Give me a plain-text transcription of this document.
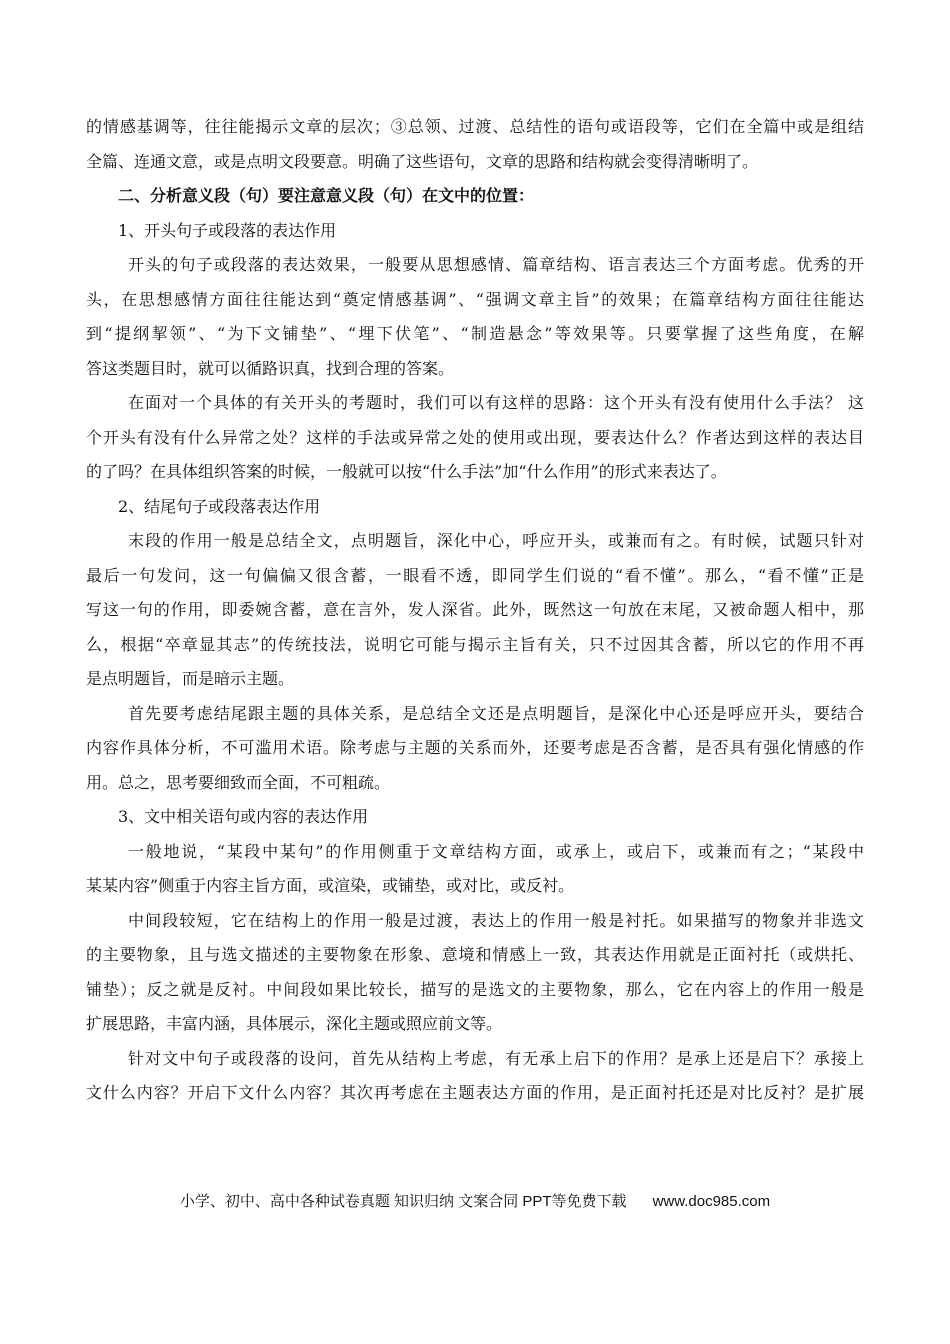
的情感基调等，往往能揭示文章的层次；③总领、过渡、总结性的语句或语段等，它们在全篇中或是组结
全篇、连通文意，或是点明文段要意。明确了这些语句，文章的思路和结构就会变得清晰明了。
二、分析意义段（句）要注意意义段（句）在文中的位置：
1、开头句子或段落的表达作用
开头的句子或段落的表达效果，一般要从思想感情、篇章结构、语言表达三个方面考虑。优秀的开
头，在思想感情方面往往能达到“奠定情感基调”、“强调文章主旨”的效果；在篇章结构方面往往能达
到“提纲挈领”、“为下文铺垫”、“埋下伏笔”、“制造悬念”等效果等。只要掌握了这些角度，在解
答这类题目时，就可以循路识真，找到合理的答案。
在面对一个具体的有关开头的考题时，我们可以有这样的思路：这个开头有没有使用什么手法？ 这
个开头有没有什么异常之处？这样的手法或异常之处的使用或出现，要表达什么？作者达到这样的表达目
的了吗？在具体组织答案的时候，一般就可以按“什么手法”加“什么作用”的形式来表达了。
2、结尾句子或段落表达作用
末段的作用一般是总结全文，点明题旨，深化中心，呼应开头，或兼而有之。有时候，试题只针对
最后一句发问，这一句偏偏又很含蓄，一眼看不透，即同学生们说的“看不懂”。那么，“看不懂”正是
写这一句的作用，即委婉含蓄，意在言外，发人深省。此外，既然这一句放在末尾，又被命题人相中，那
么，根据“卒章显其志”的传统技法，说明它可能与揭示主旨有关，只不过因其含蓄，所以它的作用不再
是点明题旨，而是暗示主题。
首先要考虑结尾跟主题的具体关系，是总结全文还是点明题旨，是深化中心还是呼应开头，要结合
内容作具体分析，不可滥用术语。除考虑与主题的关系而外，还要考虑是否含蓄，是否具有强化情感的作
用。总之，思考要细致而全面，不可粗疏。
3、文中相关语句或内容的表达作用
一般地说，“某段中某句”的作用侧重于文章结构方面，或承上，或启下，或兼而有之；“某段中
某某内容”侧重于内容主旨方面，或渲染，或铺垫，或对比，或反衬。
中间段较短，它在结构上的作用一般是过渡，表达上的作用一般是衬托。如果描写的物象并非选文
的主要物象，且与选文描述的主要物象在形象、意境和情感上一致，其表达作用就是正面衬托（或烘托、
铺垫）；反之就是反衬。中间段如果比较长，描写的是选文的主要物象，那么，它在内容上的作用一般是
扩展思路，丰富内涵，具体展示，深化主题或照应前文等。
针对文中句子或段落的设问，首先从结构上考虑，有无承上启下的作用？是承上还是启下？承接上
文什么内容？开启下文什么内容？其次再考虑在主题表达方面的作用，是正面衬托还是对比反衬？是扩展
小学、初中、高中各种试卷真题 知识归纳 文案合同 PPT等免费下载 www.doc985.com
